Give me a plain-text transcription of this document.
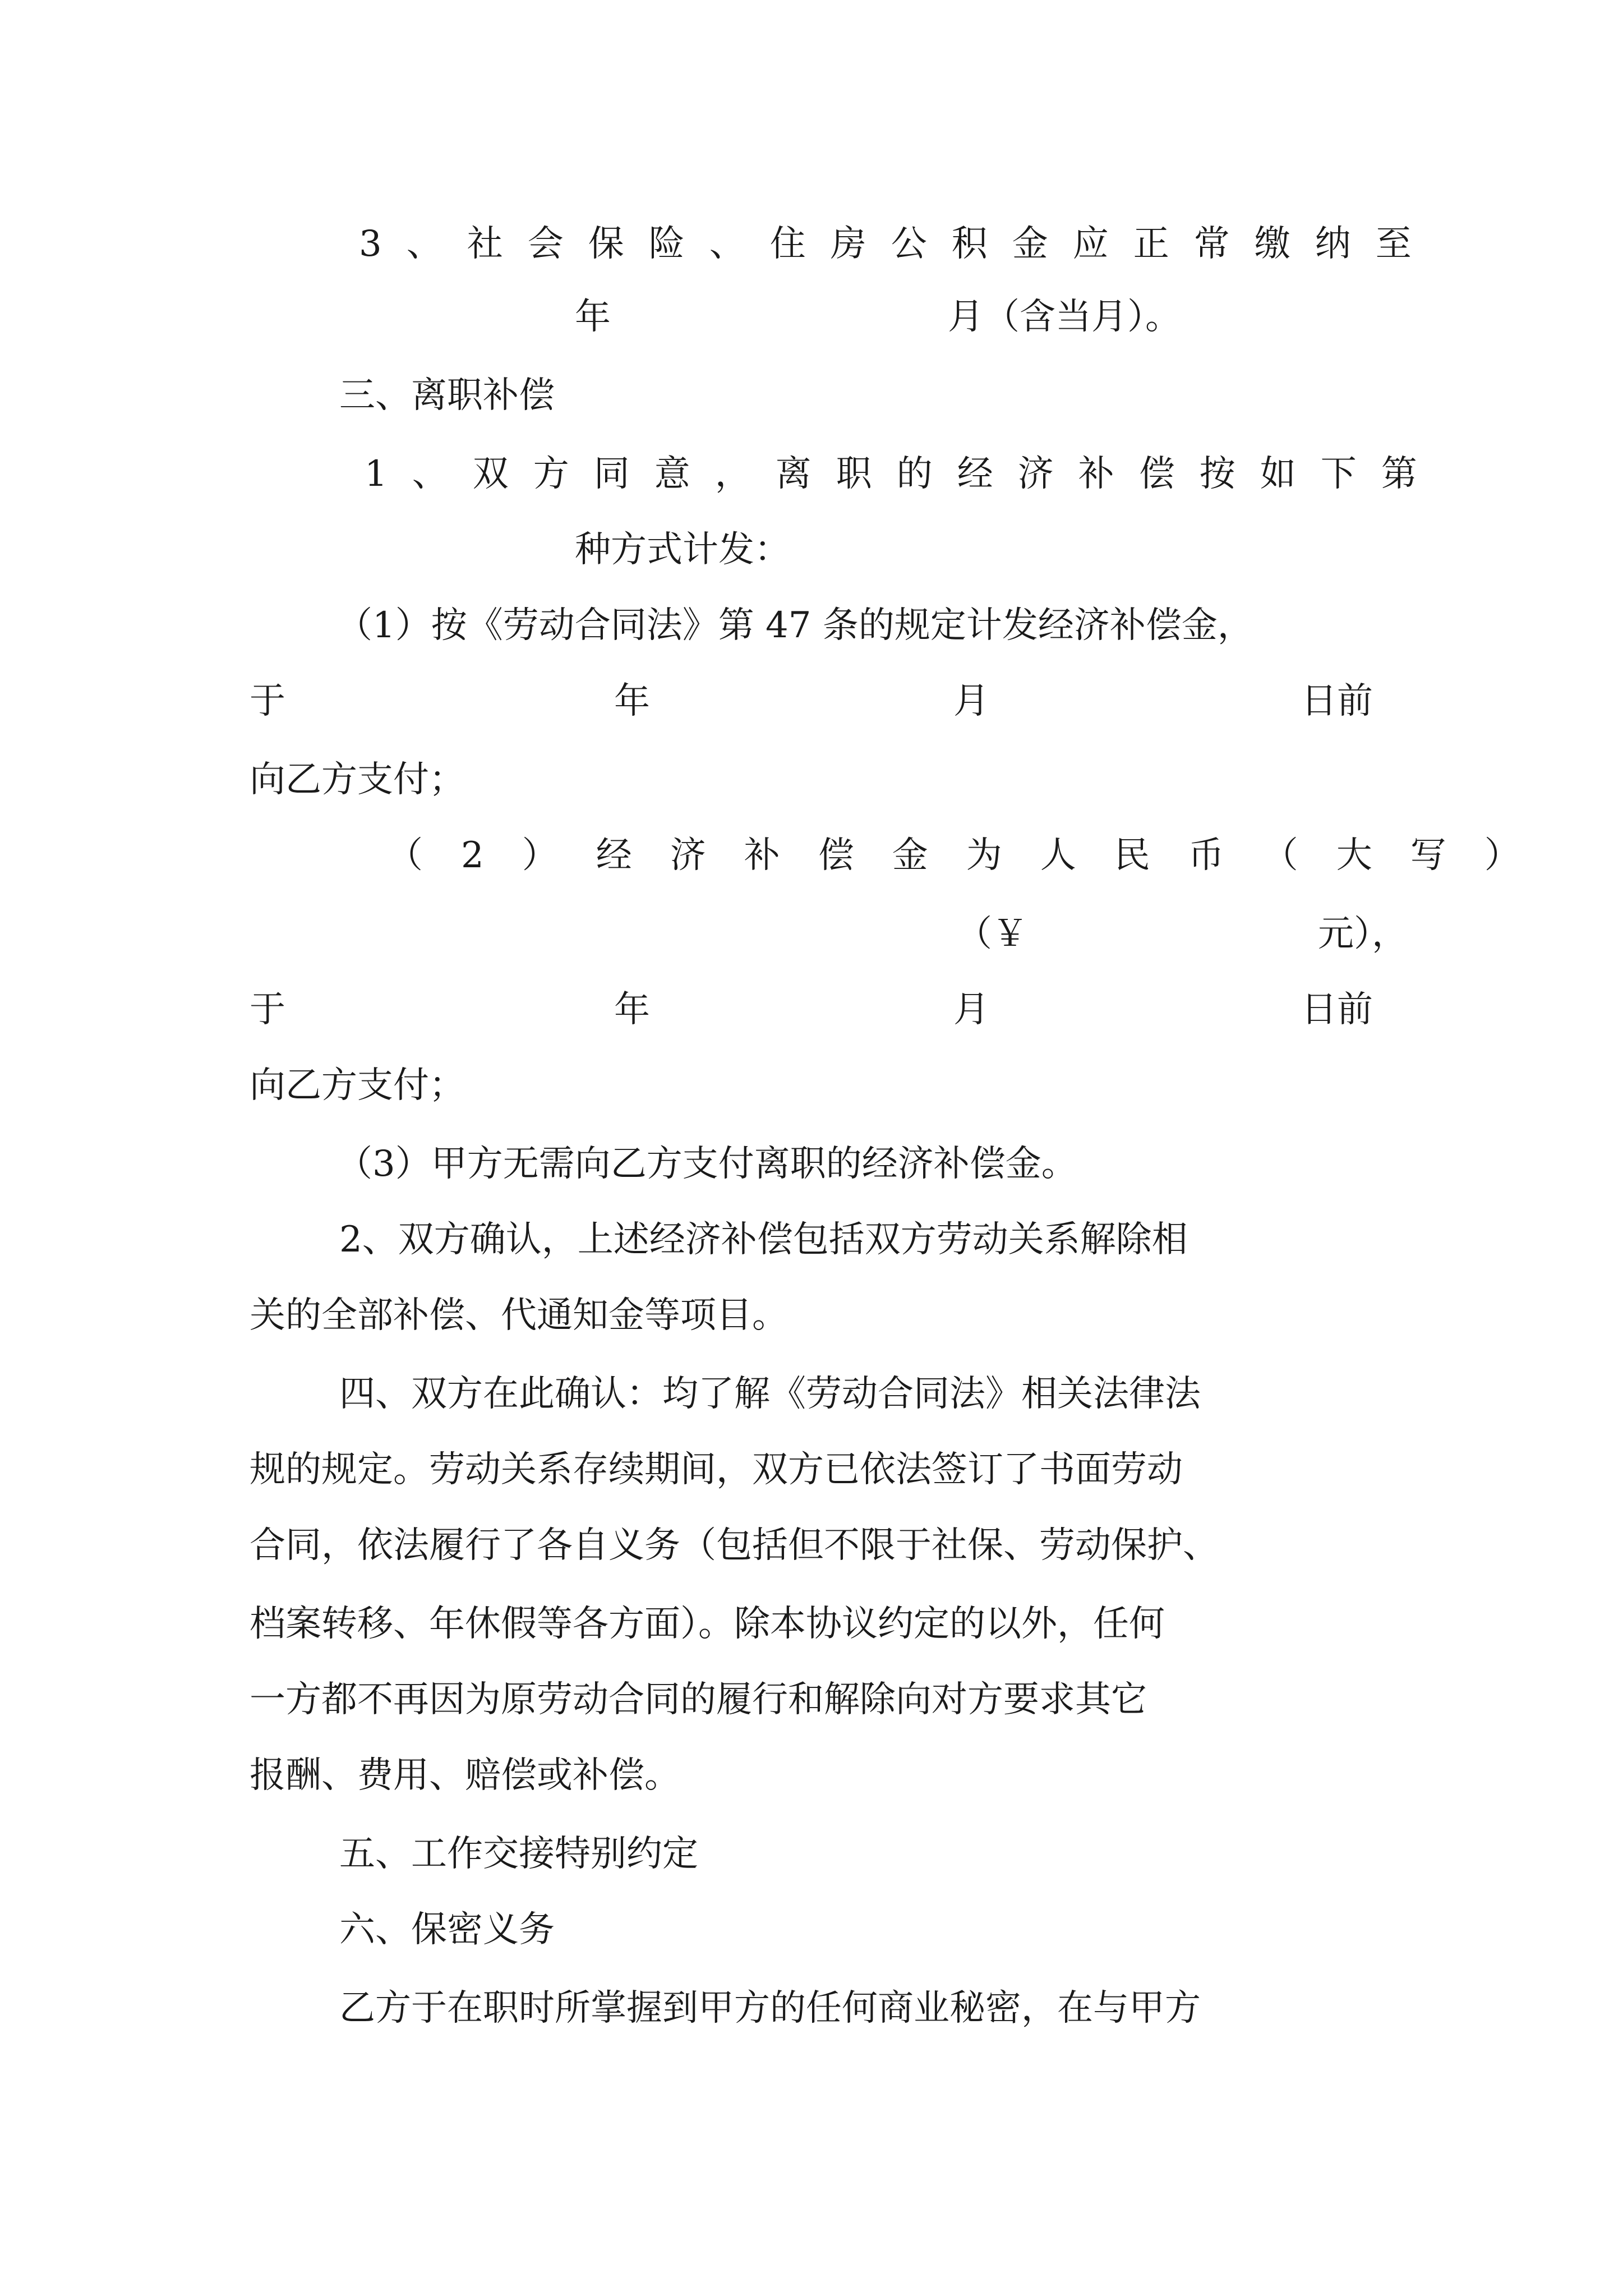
3、社会保险、住房公积金应正常缴纳至
年	月（含当月）。
三、离职补偿
1、双方同意，离职的经济补偿按如下第
种方式计发：
（1）按《劳动合同法》第 47 条的规定计发经济补偿金，
于	年	月	日前
向乙方支付；
（2）经济补偿金为人民币（大写）
（￥	元），
于	年	月	日前
向乙方支付；
（3）甲方无需向乙方支付离职的经济补偿金。
2、双方确认，上述经济补偿包括双方劳动关系解除相
关的全部补偿、代通知金等项目。
四、双方在此确认：均了解《劳动合同法》相关法律法
规的规定。劳动关系存续期间，双方已依法签订了书面劳动
合同，依法履行了各自义务（包括但不限于社保、劳动保护、
档案转移、年休假等各方面）。除本协议约定的以外，任何
一方都不再因为原劳动合同的履行和解除向对方要求其它
报酬、费用、赔偿或补偿。
五、工作交接特别约定
六、保密义务
乙方于在职时所掌握到甲方的任何商业秘密，在与甲方
